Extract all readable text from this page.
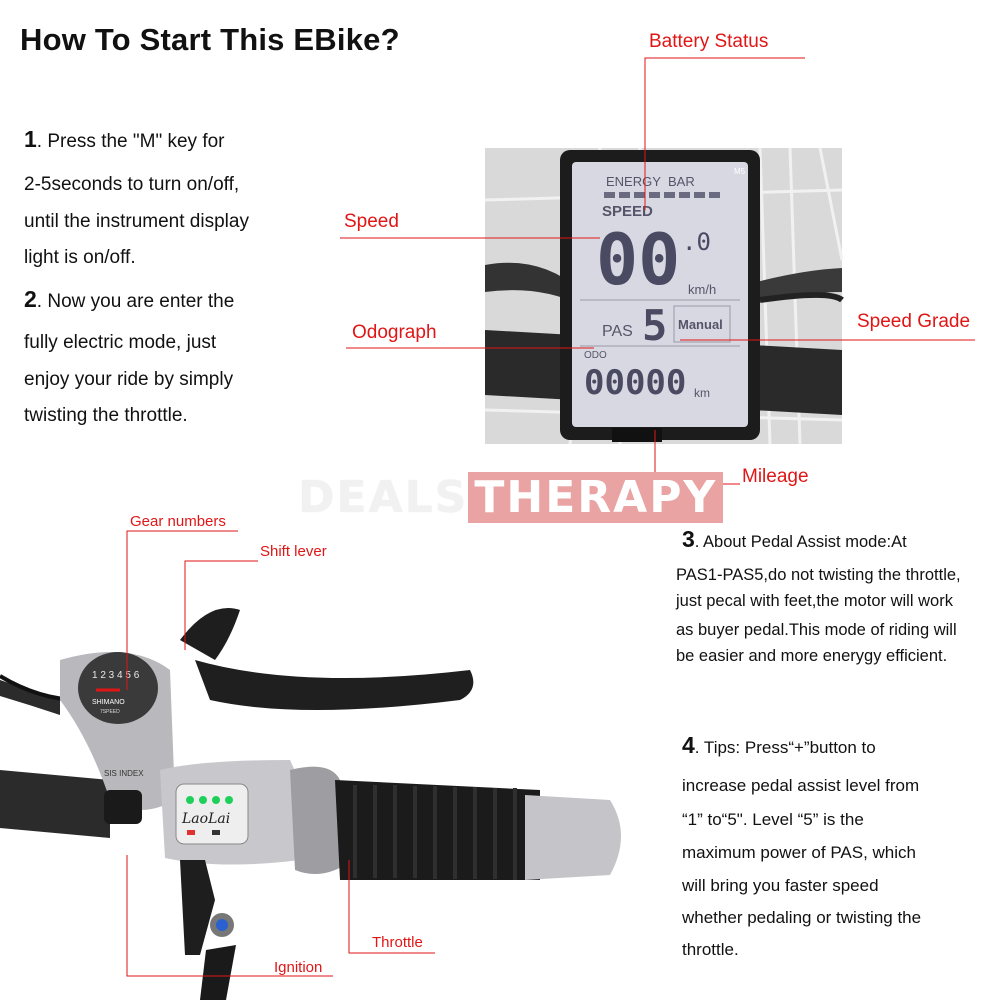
How To Start This EBike?
1. Press the "M" key for
2-5seconds to turn on/off,
until the instrument display
light is on/off.
2. Now you are enter the
fully electric mode, just
enjoy your ride by simply
twisting the throttle.
M5
ENERGY BAR
SPEED
00 .0
km/h
PAS 5 Manual
ODO
00000 km
1 2 3 4 5 6
SHIMANO
7SPEED
SIS INDEX
LaoLai
Battery Status
Speed
Odograph
Speed Grade
Mileage
Gear numbers
Shift lever
Throttle
Ignition
DEALS THERAPY
3. About Pedal Assist mode:At
PAS1-PAS5,do not twisting the throttle,
just pecal with feet,the motor will work
as buyer pedal.This mode of riding will
be easier and more enerygy efficient.
4. Tips: Press“+”button to
increase pedal assist level from
“1” to“5". Level “5” is the
maximum power of PAS, which
will bring you faster speed
whether pedaling or twisting the
throttle.
